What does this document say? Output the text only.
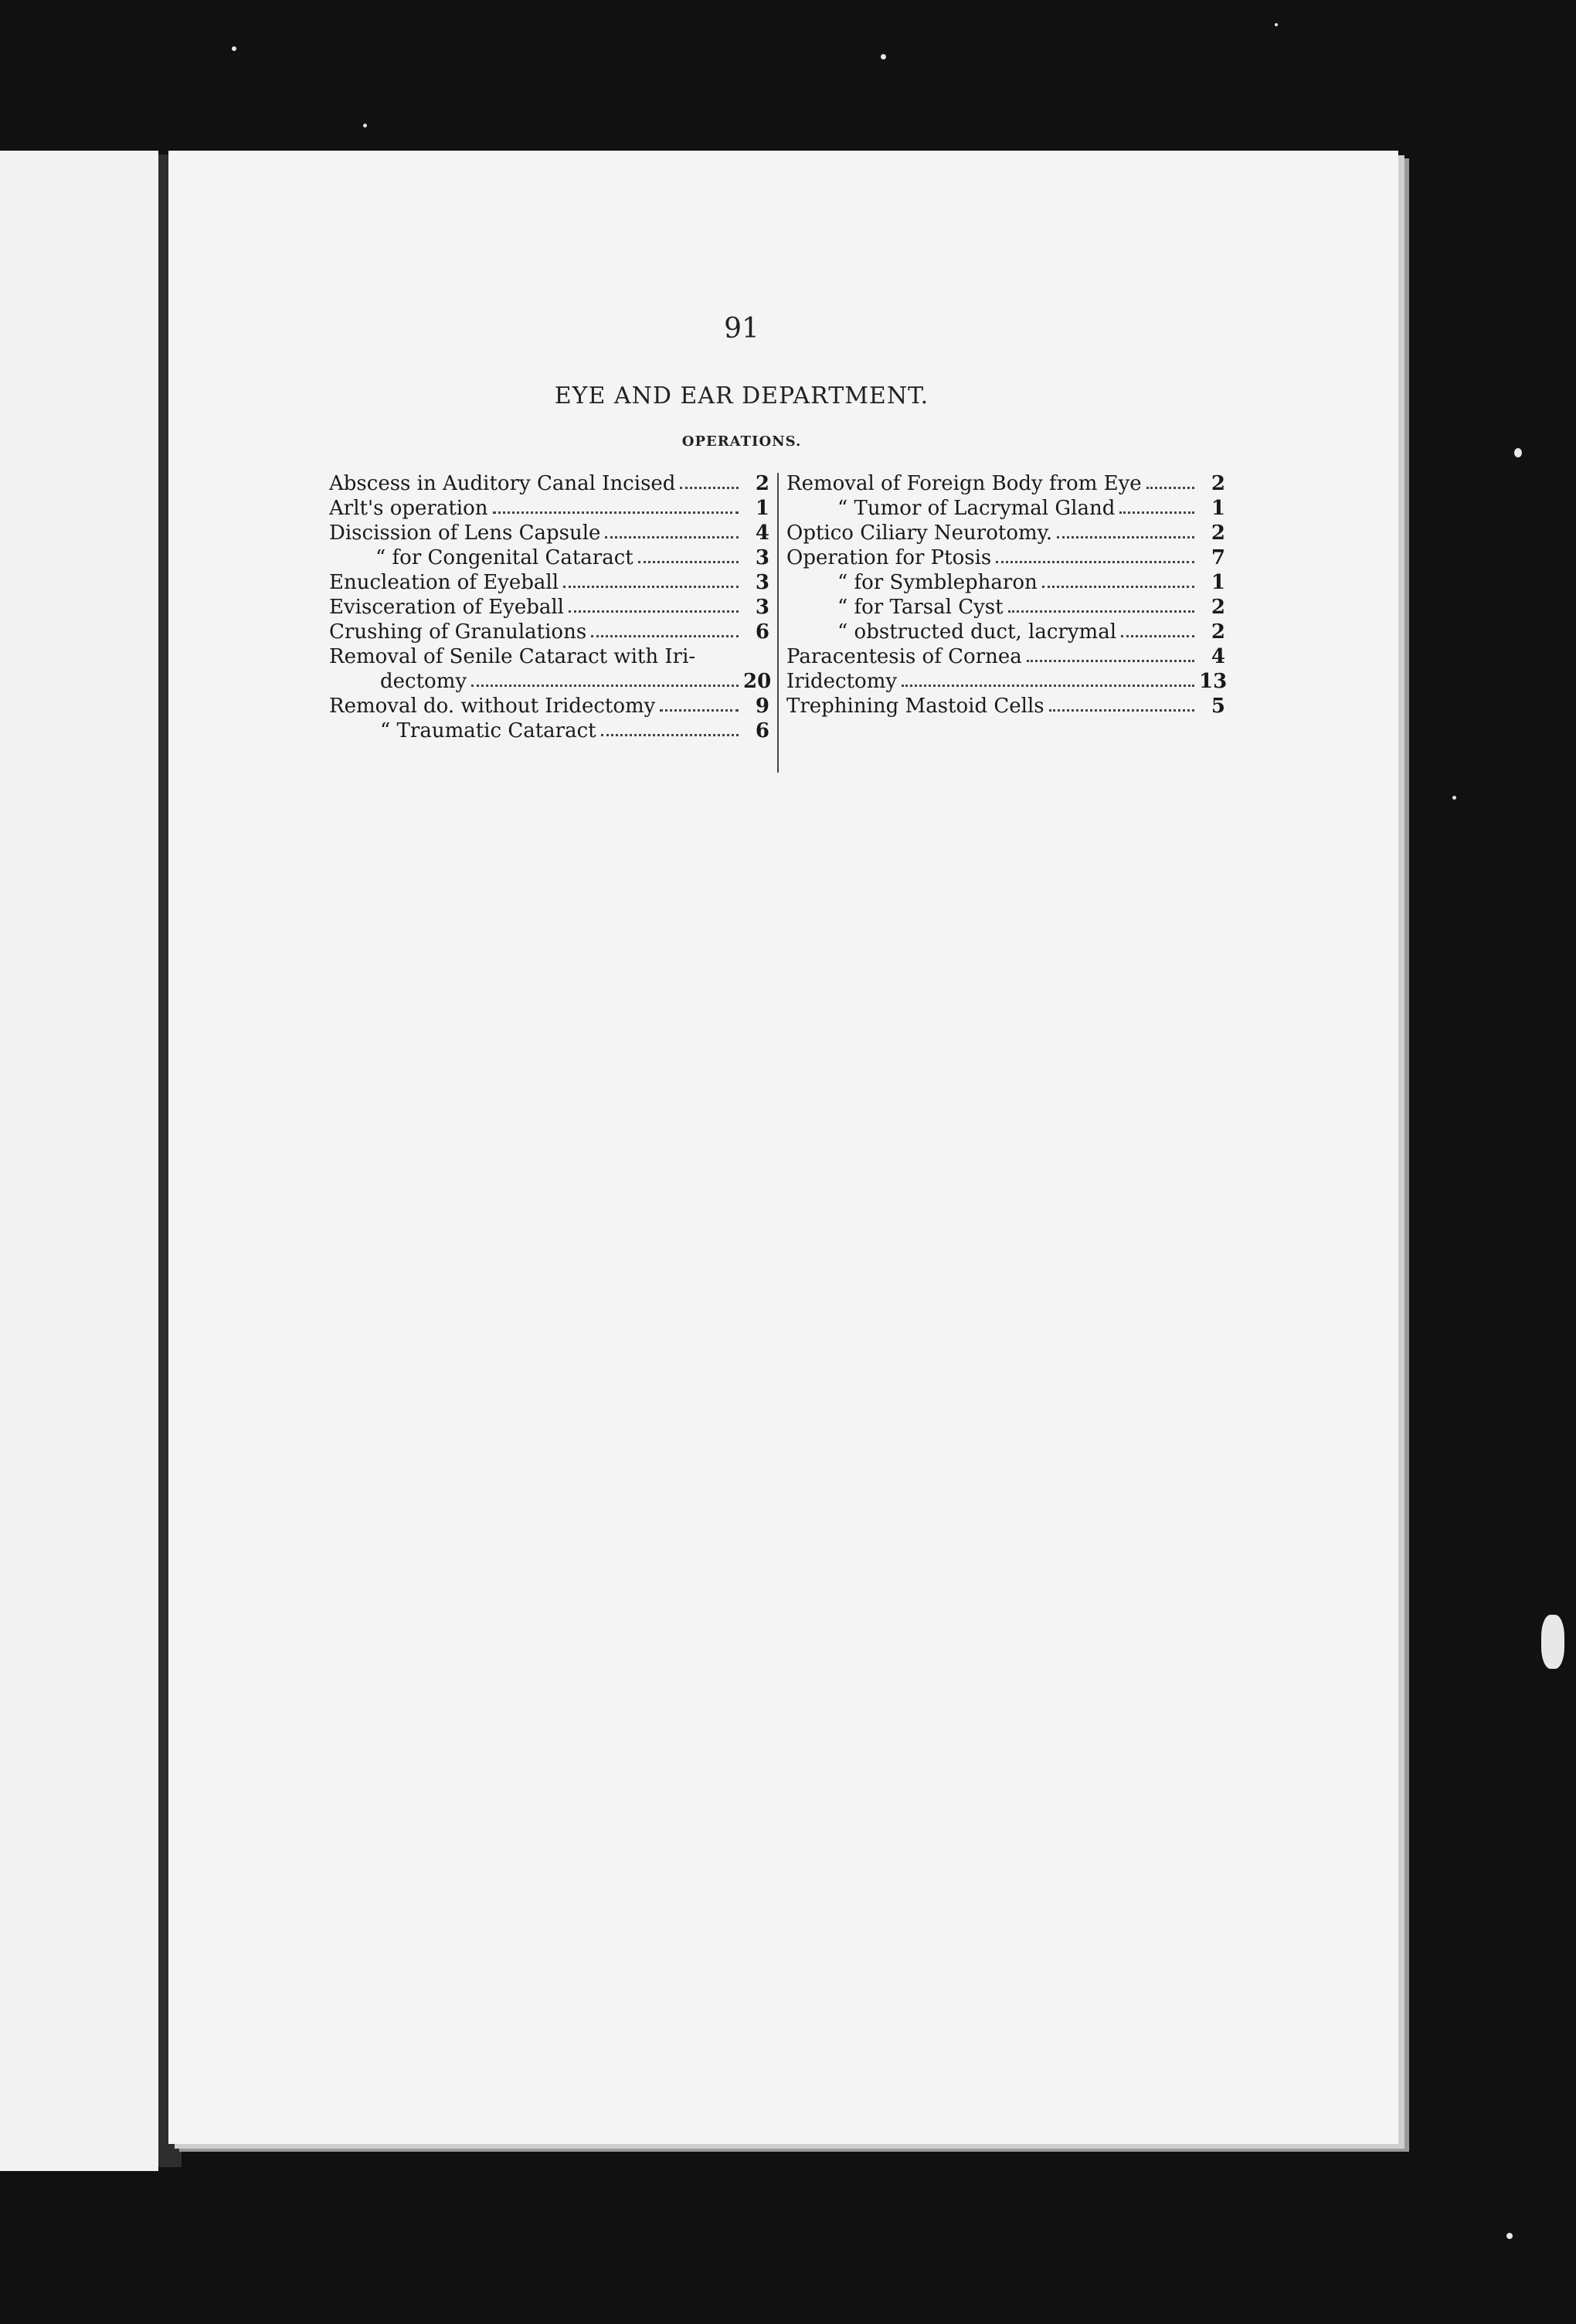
91
EYE AND EAR DEPARTMENT.
OPERATIONS.
Abscess in Auditory Canal Incised	2
Arlt's operation	1
Discission of Lens Capsule	4
“ for Congenital Cataract	3
Enucleation of Eyeball	3
Evisceration of Eyeball	3
Crushing of Granulations	6
Removal of Senile Cataract with Iri-
dectomy	20
Removal do. without Iridectomy	9
“ Traumatic Cataract	6
Removal of Foreign Body from Eye	2
“ Tumor of Lacrymal Gland	1
Optico Ciliary Neurotomy.	2
Operation for Ptosis	7
“ for Symblepharon	1
“ for Tarsal Cyst	2
“ obstructed duct, lacrymal	2
Paracentesis of Cornea	4
Iridectomy	13
Trephining Mastoid Cells	5
